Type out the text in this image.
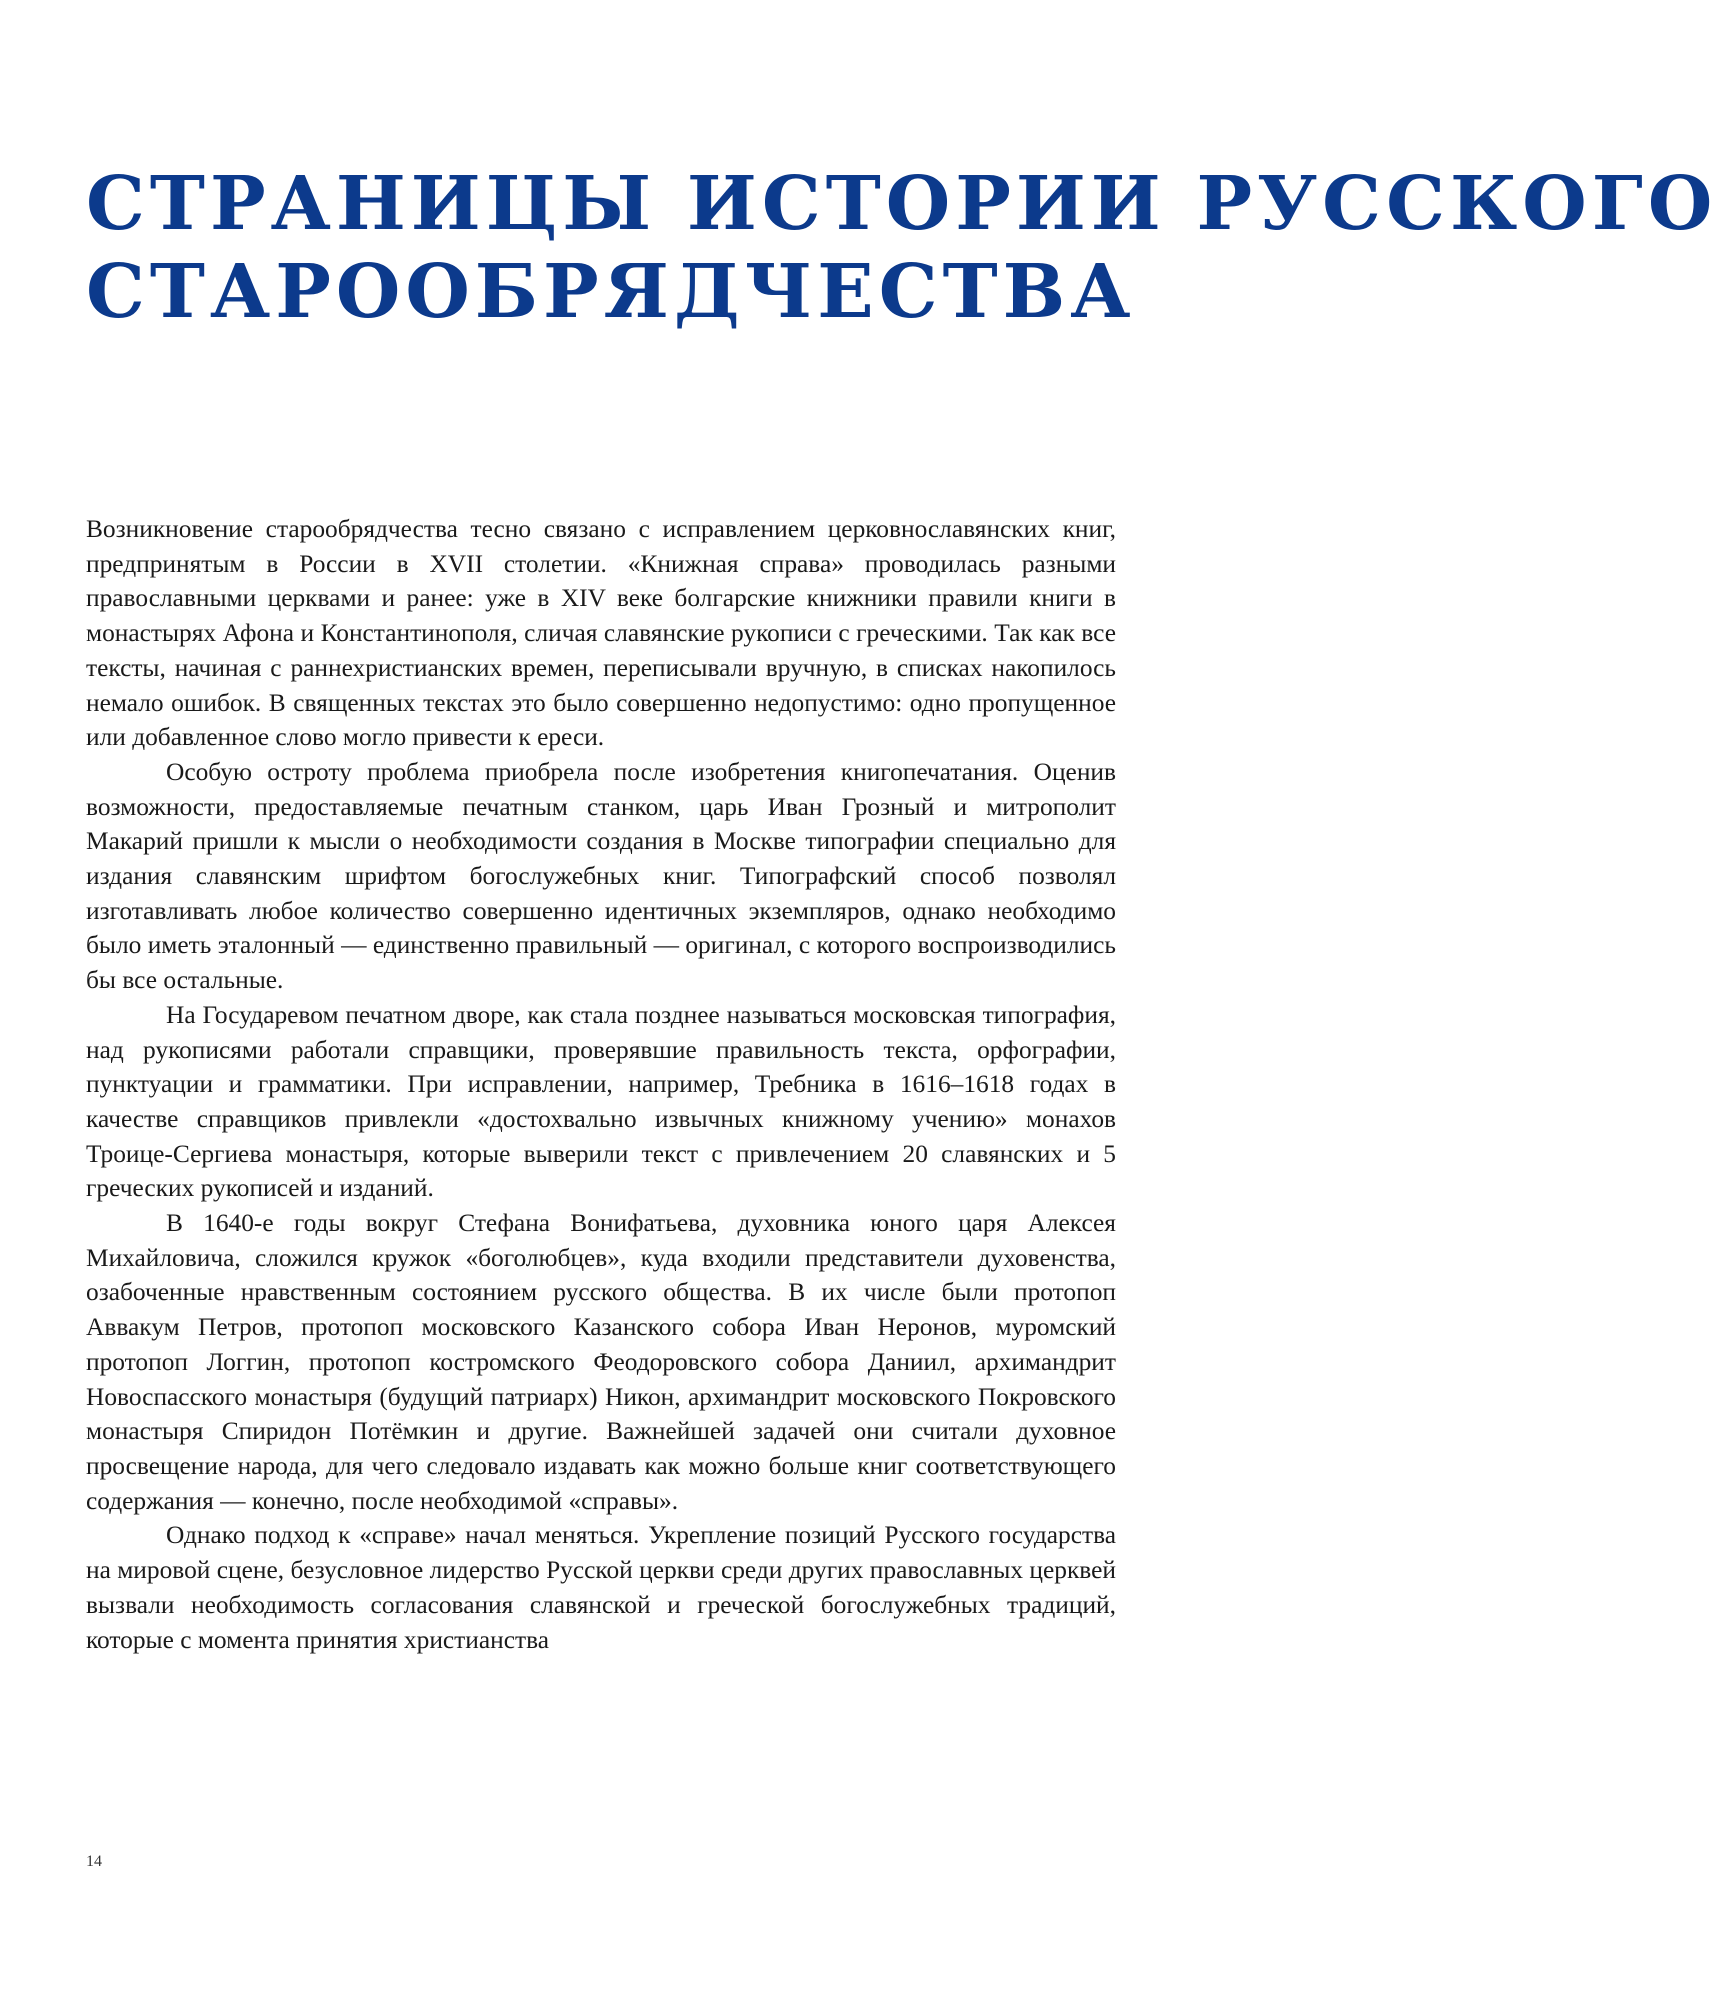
СТРАНИЦЫ ИСТОРИИ РУССКОГО
СТАРООБРЯДЧЕСТВА

Возникновение старообрядчества тесно связано с исправлением церковнославянских книг, предпринятым в России в XVII столетии. «Книжная справа» проводилась разными православными церквами и ранее: уже в XIV веке болгарские книжники правили книги в монастырях Афона и Константинополя, сличая славянские рукописи с греческими. Так как все тексты, начиная с раннехристианских времен, переписывали вручную, в списках накопилось немало ошибок. В священных текстах это было совершенно недопустимо: одно пропущенное или добавленное слово могло привести к ереси.

Особую остроту проблема приобрела после изобретения книгопечатания. Оценив возможности, предоставляемые печатным станком, царь Иван Грозный и митрополит Макарий пришли к мысли о необходимости создания в Москве типографии специально для издания славянским шрифтом богослужебных книг. Типографский способ позволял изготавливать любое количество совершенно идентичных экземпляров, однако необходимо было иметь эталонный — единственно правильный — оригинал, с которого воспроизводились бы все остальные.

На Государевом печатном дворе, как стала позднее называться московская типография, над рукописями работали справщики, проверявшие правильность текста, орфографии, пунктуации и грамматики. При исправлении, например, Требника в 1616–1618 годах в качестве справщиков привлекли «достохвально извычных книжному учению» монахов Троице-Сергиева монастыря, которые выверили текст с привлечением 20 славянских и 5 греческих рукописей и изданий.

В 1640-е годы вокруг Стефана Вонифатьева, духовника юного царя Алексея Михайловича, сложился кружок «боголюбцев», куда входили представители духовенства, озабоченные нравственным состоянием русского общества. В их числе были протопоп Аввакум Петров, протопоп московского Казанского собора Иван Неронов, муромский протопоп Логгин, протопоп костромского Феодоровского собора Даниил, архимандрит Новоспасского монастыря (будущий патриарх) Никон, архимандрит московского Покровского монастыря Спиридон Потёмкин и другие. Важнейшей задачей они считали духовное просвещение народа, для чего следовало издавать как можно больше книг соответствующего содержания — конечно, после необходимой «справы».

Однако подход к «справе» начал меняться. Укрепление позиций Русского государства на мировой сцене, безусловное лидерство Русской церкви среди других православных церквей вызвали необходимость согласования славянской и греческой богослужебных традиций, которые с момента принятия христианства

14
